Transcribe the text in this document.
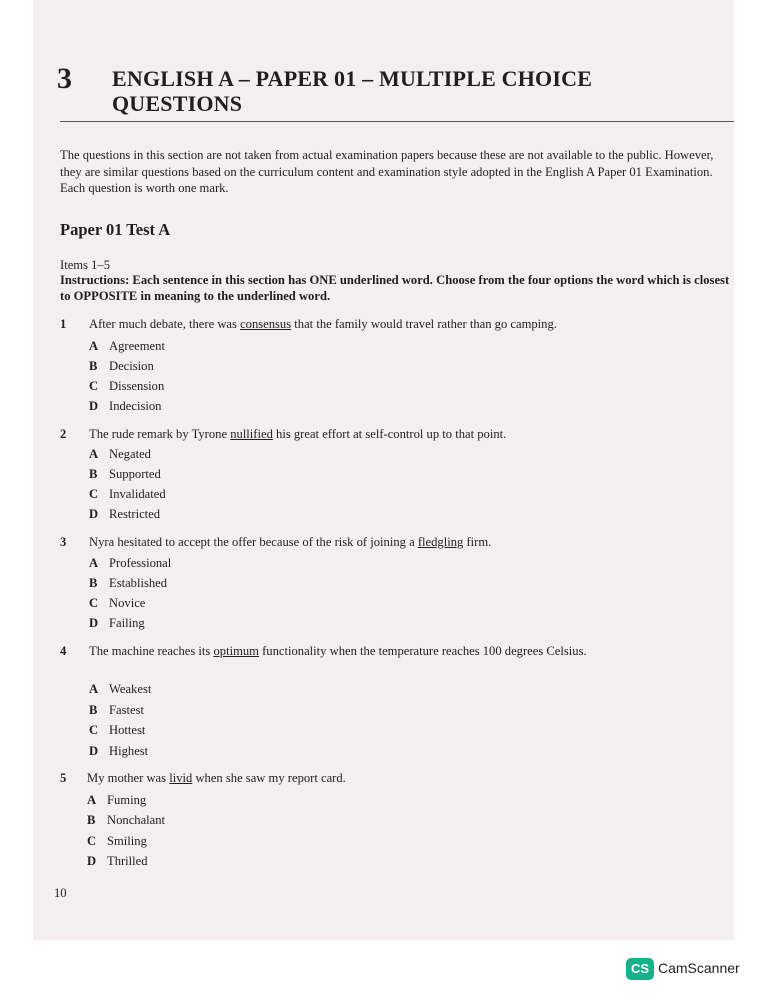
3 ENGLISH A – PAPER 01 – MULTIPLE CHOICE QUESTIONS
The questions in this section are not taken from actual examination papers because these are not available to the public. However, they are similar questions based on the curriculum content and examination style adopted in the English A Paper 01 Examination. Each question is worth one mark.
Paper 01 Test A
Items 1–5
Instructions: Each sentence in this section has ONE underlined word. Choose from the four options the word which is closest to OPPOSITE in meaning to the underlined word.
1	After much debate, there was consensus that the family would travel rather than go camping.
A Agreement
B Decision
C Dissension
D Indecision
2	The rude remark by Tyrone nullified his great effort at self-control up to that point.
A Negated
B Supported
C Invalidated
D Restricted
3	Nyra hesitated to accept the offer because of the risk of joining a fledgling firm.
A Professional
B Established
C Novice
D Failing
4	The machine reaches its optimum functionality when the temperature reaches 100 degrees Celsius.
A Weakest
B Fastest
C Hottest
D Highest
5	My mother was livid when she saw my report card.
A Fuming
B Nonchalant
C Smiling
D Thrilled
10
CS CamScanner
